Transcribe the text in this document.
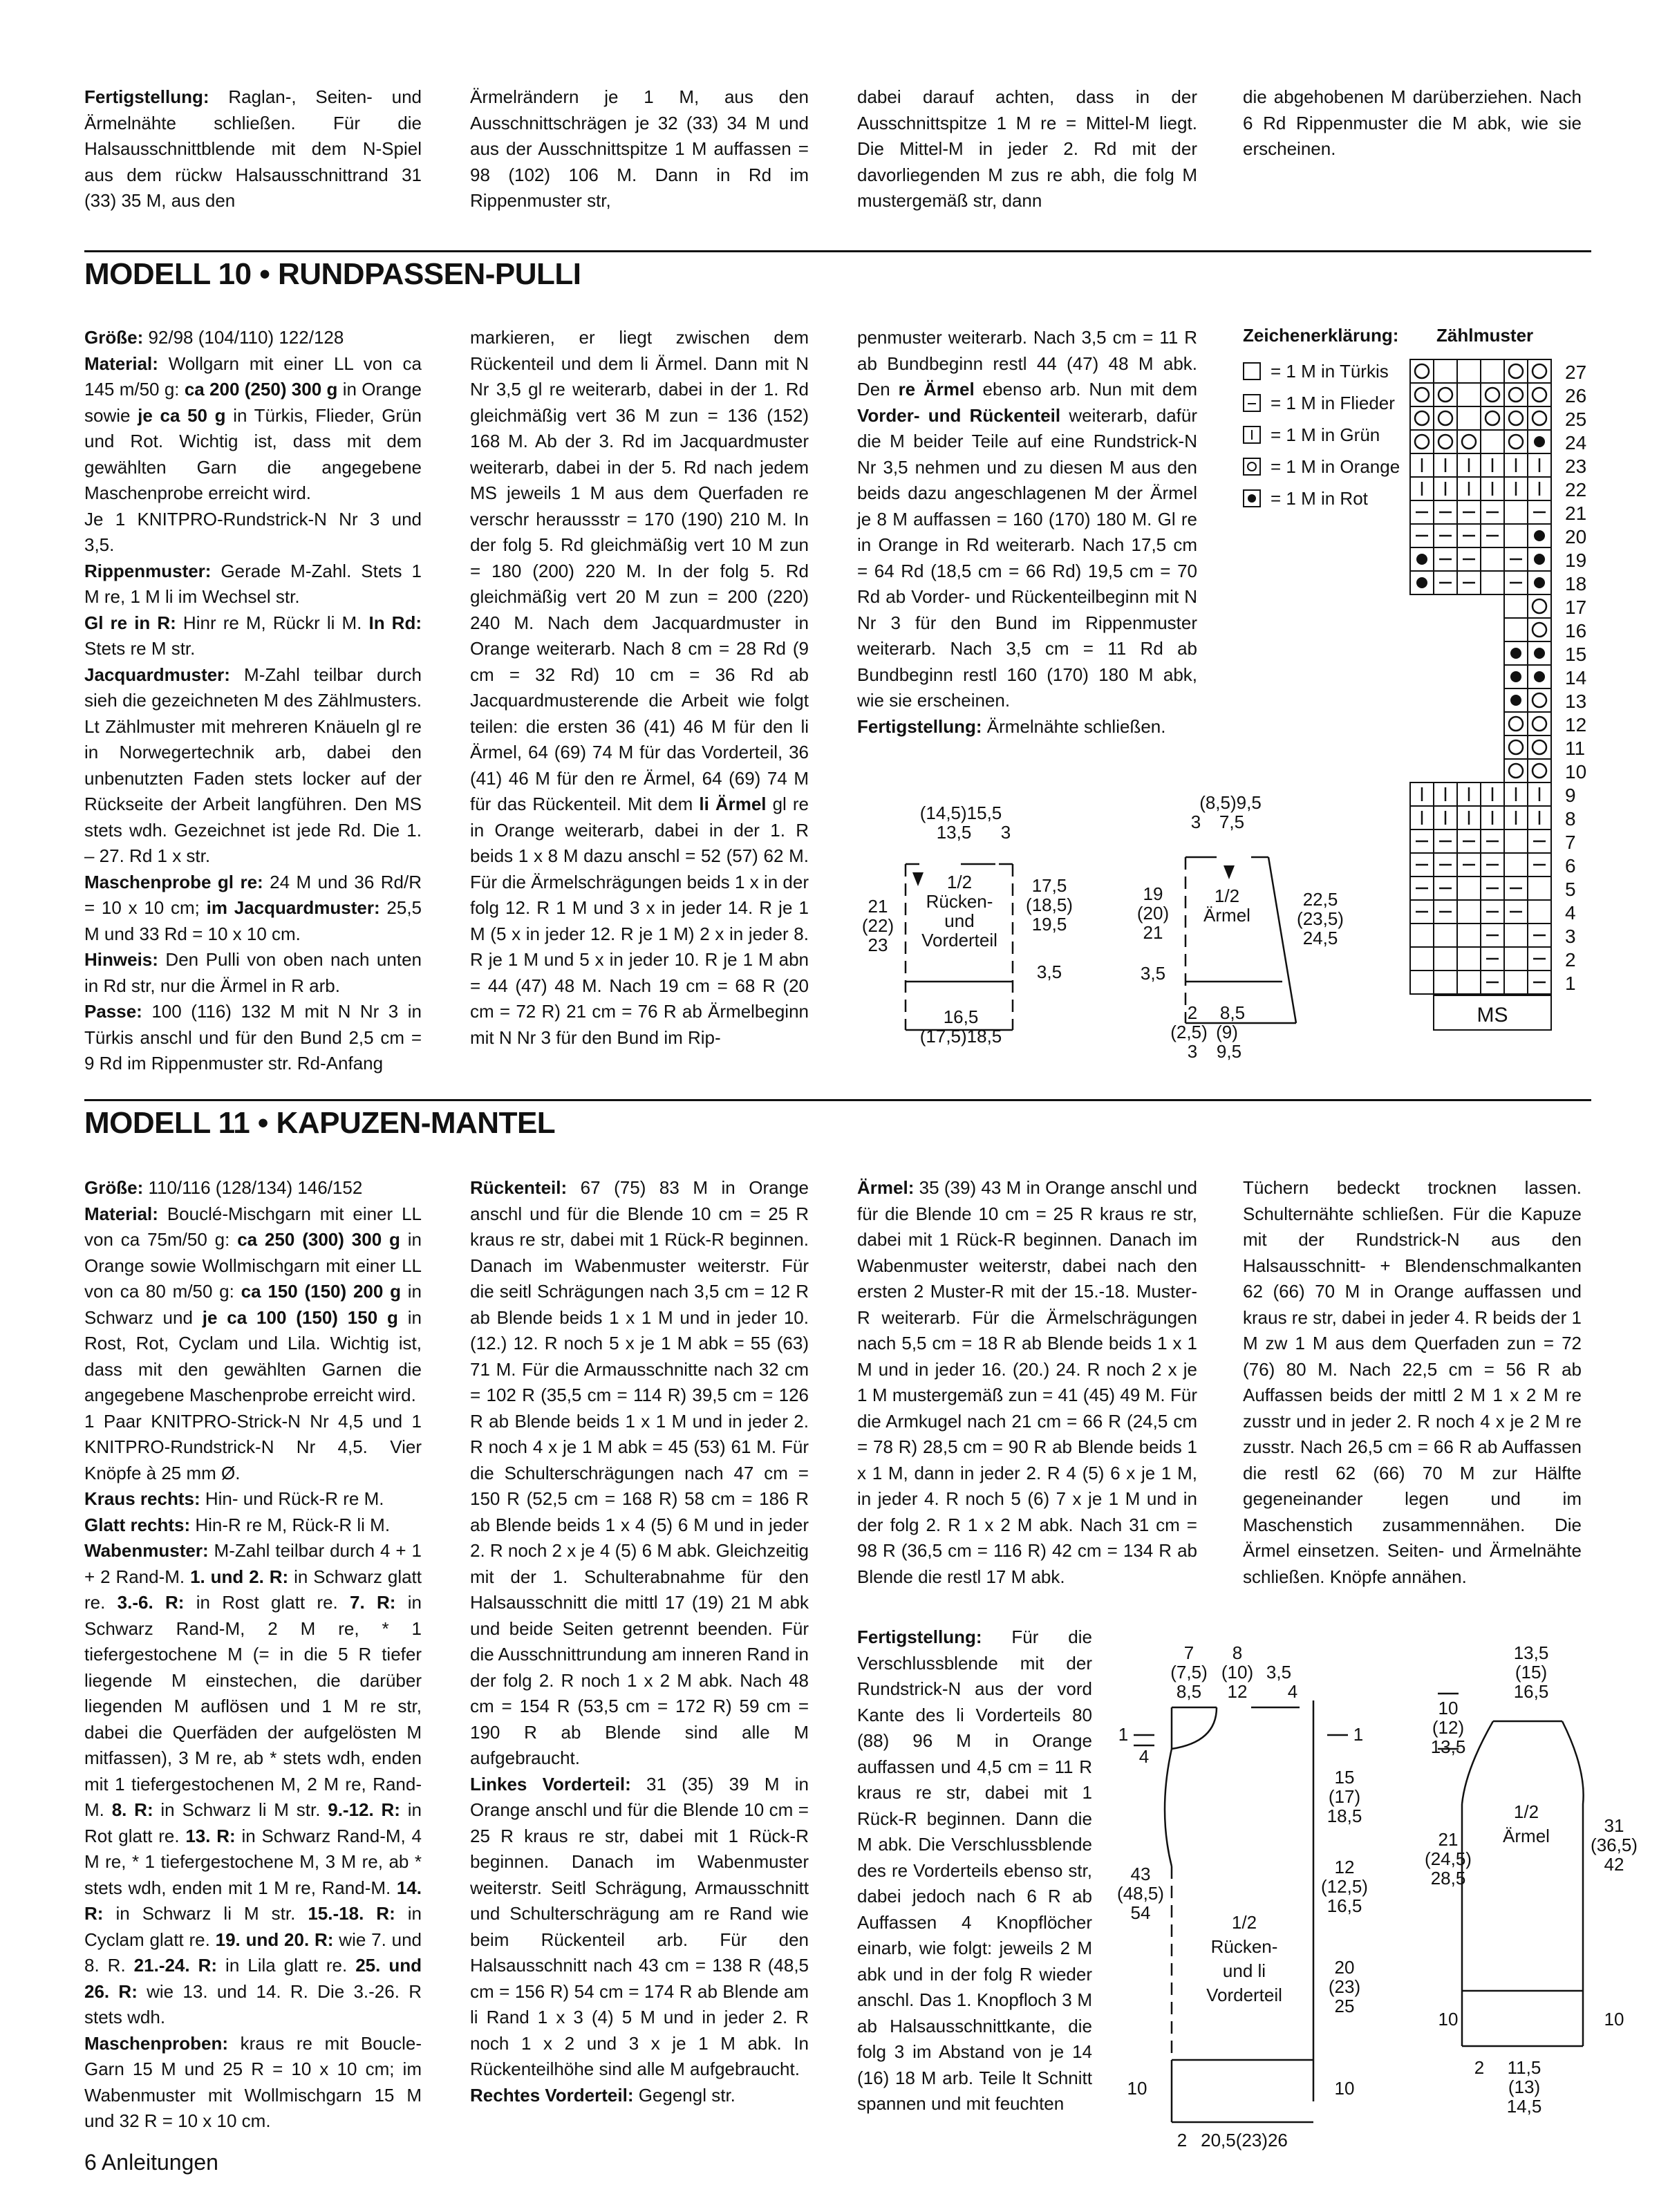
Fertigstellung: Raglan-, Seiten- und Ärmelnähte schließen. Für die Halsausschnittblende mit dem N-Spiel aus dem rückw Halsausschnittrand 31 (33) 35 M, aus den
Ärmelrändern je 1 M, aus den Ausschnittschrägen je 32 (33) 34 M und aus der Ausschnittspitze 1 M auffassen = 98 (102) 106 M. Dann in Rd im Rippenmuster str,
dabei darauf achten, dass in der Ausschnittspitze 1 M re = Mittel-M liegt. Die Mittel-M in jeder 2. Rd mit der davorliegenden M zus re abh, die folg M mustergemäß str, dann
die abgehobenen M darüberziehen. Nach 6 Rd Rippenmuster die M abk, wie sie erscheinen.
MODELL 10 • RUNDPASSEN-PULLI

Größe: 92/98 (104/110) 122/128

Material: Wollgarn mit einer LL von ca 145 m/50 g: ca 200 (250) 300 g in Orange sowie je ca 50 g in Türkis, Flieder, Grün und Rot. Wichtig ist, dass mit dem gewählten Garn die angegebene Maschenprobe erreicht wird.

Je 1 KNITPRO-Rundstrick-N Nr 3 und 3,5.

Rippenmuster: Gerade M-Zahl. Stets 1 M re, 1 M li im Wechsel str.

Gl re in R: Hinr re M, Rückr li M. In Rd: Stets re M str.

Jacquardmuster: M-Zahl teilbar durch sieh die gezeichneten M des Zählmusters. Lt Zählmuster mit mehreren Knäueln gl re in Norwegertechnik arb, dabei den unbenutzten Faden stets locker auf der Rückseite der Arbeit langführen. Den MS stets wdh. Gezeichnet ist jede Rd. Die 1. – 27. Rd 1 x str.

Maschenprobe gl re: 24 M und 36 Rd/R = 10 x 10 cm; im Jacquardmuster: 25,5 M und 33 Rd = 10 x 10 cm.

Hinweis: Den Pulli von oben nach unten in Rd str, nur die Ärmel in R arb.

Passe: 100 (116) 132 M mit N Nr 3 in Türkis anschl und für den Bund 2,5 cm = 9 Rd im Rippenmuster str. Rd-Anfang

markieren, er liegt zwischen dem Rückenteil und dem li Ärmel. Dann mit N Nr 3,5 gl re weiterarb, dabei in der 1. Rd gleichmäßig vert 36 M zun = 136 (152) 168 M. Ab der 3. Rd im Jacquardmuster weiterarb, dabei in der 5. Rd nach jedem MS jeweils 1 M aus dem Querfaden re verschr heraussstr = 170 (190) 210 M. In der folg 5. Rd gleichmäßig vert 10 M zun = 180 (200) 220 M. In der folg 5. Rd gleichmäßig vert 20 M zun = 200 (220) 240 M. Nach dem Jacquardmuster in Orange weiterarb. Nach 8 cm = 28 Rd (9 cm = 32 Rd) 10 cm = 36 Rd ab Jacquardmusterende die Arbeit wie folgt teilen: die ersten 36 (41) 46 M für den li Ärmel, 64 (69) 74 M für das Vorderteil, 36 (41) 46 M für den re Ärmel, 64 (69) 74 M für das Rückenteil. Mit dem li Ärmel gl re in Orange weiterarb, dabei in der 1. R beids 1 x 8 M dazu anschl = 52 (57) 62 M. Für die Ärmelschrägungen beids 1 x in der folg 12. R 1 M und 3 x in jeder 14. R je 1 M (5 x in jeder 12. R je 1 M) 2 x in jeder 8. R je 1 M und 5 x in jeder 10. R je 1 M abn = 44 (47) 48 M. Nach 19 cm = 68 R (20 cm = 72 R) 21 cm = 76 R ab Ärmelbeginn mit N Nr 3 für den Bund im Rip-

penmuster weiterarb. Nach 3,5 cm = 11 R ab Bundbeginn restl 44 (47) 48 M abk. Den re Ärmel ebenso arb. Nun mit dem Vorder- und Rückenteil weiterarb, dafür die M beider Teile auf eine Rundstrick-N Nr 3,5 nehmen und zu diesen M aus den beids dazu angeschlagenen M der Ärmel je 8 M auffassen = 160 (170) 180 M. Gl re in Orange in Rd weiterarb. Nach 17,5 cm = 64 Rd (18,5 cm = 66 Rd) 19,5 cm = 70 Rd ab Vorder- und Rückenteilbeginn mit N Nr 3 für den Bund im Rippenmuster weiterarb. Nach 3,5 cm = 11 Rd ab Bundbeginn restl 160 (170) 180 M abk, wie sie erscheinen.

Fertigstellung: Ärmelnähte schließen.

Zeichenerklärung: Zählmuster
= 1 M in Türkis
= 1 M in Flieder
= 1 M in Grün
= 1 M in Orange
= 1 M in Rot
27
26
25
24
23
22
21
20
19
18
17
16
15
14
13
12
11
10
9
8
7
6
5
4
3
2
1
MS
(14,5)15,5
13,5 3
21
(22)
23
1/2
Rücken-
und
Vorderteil
17,5
(18,5)
19,5
3,5
16,5
(17,5)18,5
(8,5)9,5
3 7,5
19
(20)
21
1/2
Ärmel
22,5
(23,5)
24,5
3,5
2 8,5
(2,5) (9)
3 9,5
MODELL 11 • KAPUZEN-MANTEL

Größe: 110/116 (128/134) 146/152

Material: Bouclé-Mischgarn mit einer LL von ca 75m/50 g: ca 250 (300) 300 g in Orange sowie Wollmischgarn mit einer LL von ca 80 m/50 g: ca 150 (150) 200 g in Schwarz und je ca 100 (150) 150 g in Rost, Rot, Cyclam und Lila. Wichtig ist, dass mit den gewählten Garnen die angegebene Maschenprobe erreicht wird.

1 Paar KNITPRO-Strick-N Nr 4,5 und 1 KNITPRO-Rundstrick-N Nr 4,5. Vier Knöpfe à 25 mm Ø.

Kraus rechts: Hin- und Rück-R re M.

Glatt rechts: Hin-R re M, Rück-R li M.

Wabenmuster: M-Zahl teilbar durch 4 + 1 + 2 Rand-M. 1. und 2. R: in Schwarz glatt re. 3.-6. R: in Rost glatt re. 7. R: in Schwarz Rand-M, 2 M re, * 1 tiefergestochene M (= in die 5 R tiefer liegende M einstechen, die darüber liegenden M auflösen und 1 M re str, dabei die Querfäden der aufgelösten M mitfassen), 3 M re, ab * stets wdh, enden mit 1 tiefergestochenen M, 2 M re, Rand-M. 8. R: in Schwarz li M str. 9.-12. R: in Rot glatt re. 13. R: in Schwarz Rand-M, 4 M re, * 1 tiefergestochene M, 3 M re, ab * stets wdh, enden mit 1 M re, Rand-M. 14. R: in Schwarz li M str. 15.-18. R: in Cyclam glatt re. 19. und 20. R: wie 7. und 8. R. 21.-24. R: in Lila glatt re. 25. und 26. R: wie 13. und 14. R. Die 3.-26. R stets wdh.

Maschenproben: kraus re mit Boucle-Garn 15 M und 25 R = 10 x 10 cm; im Wabenmuster mit Wollmischgarn 15 M und 32 R = 10 x 10 cm.

Rückenteil: 67 (75) 83 M in Orange anschl und für die Blende 10 cm = 25 R kraus re str, dabei mit 1 Rück-R beginnen. Danach im Wabenmuster weiterstr. Für die seitl Schrägungen nach 3,5 cm = 12 R ab Blende beids 1 x 1 M und in jeder 10. (12.) 12. R noch 5 x je 1 M abk = 55 (63) 71 M. Für die Armausschnitte nach 32 cm = 102 R (35,5 cm = 114 R) 39,5 cm = 126 R ab Blende beids 1 x 1 M und in jeder 2. R noch 4 x je 1 M abk = 45 (53) 61 M. Für die Schulterschrägungen nach 47 cm = 150 R (52,5 cm = 168 R) 58 cm = 186 R ab Blende beids 1 x 4 (5) 6 M und in jeder 2. R noch 2 x je 4 (5) 6 M abk. Gleichzeitig mit der 1. Schulterabnahme für den Halsausschnitt die mittl 17 (19) 21 M abk und beide Seiten getrennt beenden. Für die Ausschnittrundung am inneren Rand in der folg 2. R noch 1 x 2 M abk. Nach 48 cm = 154 R (53,5 cm = 172 R) 59 cm = 190 R ab Blende sind alle M aufgebraucht.

Linkes Vorderteil: 31 (35) 39 M in Orange anschl und für die Blende 10 cm = 25 R kraus re str, dabei mit 1 Rück-R beginnen. Danach im Wabenmuster weiterstr. Seitl Schrägung, Armausschnitt und Schulterschrägung am re Rand wie beim Rückenteil arb. Für den Halsausschnitt nach 43 cm = 138 R (48,5 cm = 156 R) 54 cm = 174 R ab Blende am li Rand 1 x 3 (4) 5 M und in jeder 2. R noch 1 x 2 und 3 x je 1 M abk. In Rückenteilhöhe sind alle M aufgebraucht.

Rechtes Vorderteil: Gegengl str.

Ärmel: 35 (39) 43 M in Orange anschl und für die Blende 10 cm = 25 R kraus re str, dabei mit 1 Rück-R beginnen. Danach im Wabenmuster weiterstr, dabei nach den ersten 2 Muster-R mit der 15.-18. Muster-R weiterarb. Für die Ärmelschrägungen nach 5,5 cm = 18 R ab Blende beids 1 x 1 M und in jeder 16. (20.) 24. R noch 2 x je 1 M mustergemäß zun = 41 (45) 49 M. Für die Armkugel nach 21 cm = 66 R (24,5 cm = 78 R) 28,5 cm = 90 R ab Blende beids 1 x 1 M, dann in jeder 2. R 4 (5) 6 x je 1 M, in jeder 4. R noch 5 (6) 7 x je 1 M und in der folg 2. R 1 x 2 M abk. Nach 31 cm = 98 R (36,5 cm = 116 R) 42 cm = 134 R ab Blende die restl 17 M abk.

Fertigstellung: Für die Verschlussblende mit der Rundstrick-N aus der vord Kante des li Vorderteils 80 (88) 96 M in Orange auffassen und 4,5 cm = 11 R kraus re str, dabei mit 1 Rück-R beginnen. Dann die M abk. Die Verschlussblende des re Vorderteils ebenso str, dabei jedoch nach 6 R ab Auffassen 4 Knopflöcher einarb, wie folgt: jeweils 2 M abk und in der folg R wieder anschl. Das 1. Knopfloch 3 M ab Halsausschnittkante, die folg 3 im Abstand von je 14 (16) 18 M arb. Teile lt Schnitt spannen und mit feuchten

Tüchern bedeckt trocknen lassen. Schulternähte schließen. Für die Kapuze mit der Rundstrick-N aus den Halsausschnitt- + Blendenschmalkanten 62 (66) 70 M in Orange auffassen und kraus re str, dabei in jeder 4. R beids der 1 M zw 1 M aus dem Querfaden zun = 72 (76) 80 M. Nach 22,5 cm = 56 R ab Auffassen beids der mittl 2 M 1 x 2 M re zusstr und in jeder 2. R noch 4 x je 2 M re zusstr. Nach 26,5 cm = 66 R ab Auffassen die restl 62 (66) 70 M zur Hälfte gegeneinander legen und im Maschenstich zusammennähen. Die Ärmel einsetzen. Seiten- und Ärmelnähte schließen. Knöpfe annähen.

7
(7,5)
8,5
8
(10)
12
3,5
4
1
4
1
43
(48,5)
54
15
(17)
18,5
12
(12,5)
16,5
20
(23)
25
10	10
1/2
Rücken-
und li
Vorderteil
2 20,5(23)26
13,5
(15)
16,5
10
(12)
13,5
21
(24,5)
28,5
31
(36,5)
42
1/2
Ärmel
10	10
2 11,5
(13)
14,5
6 Anleitungen
